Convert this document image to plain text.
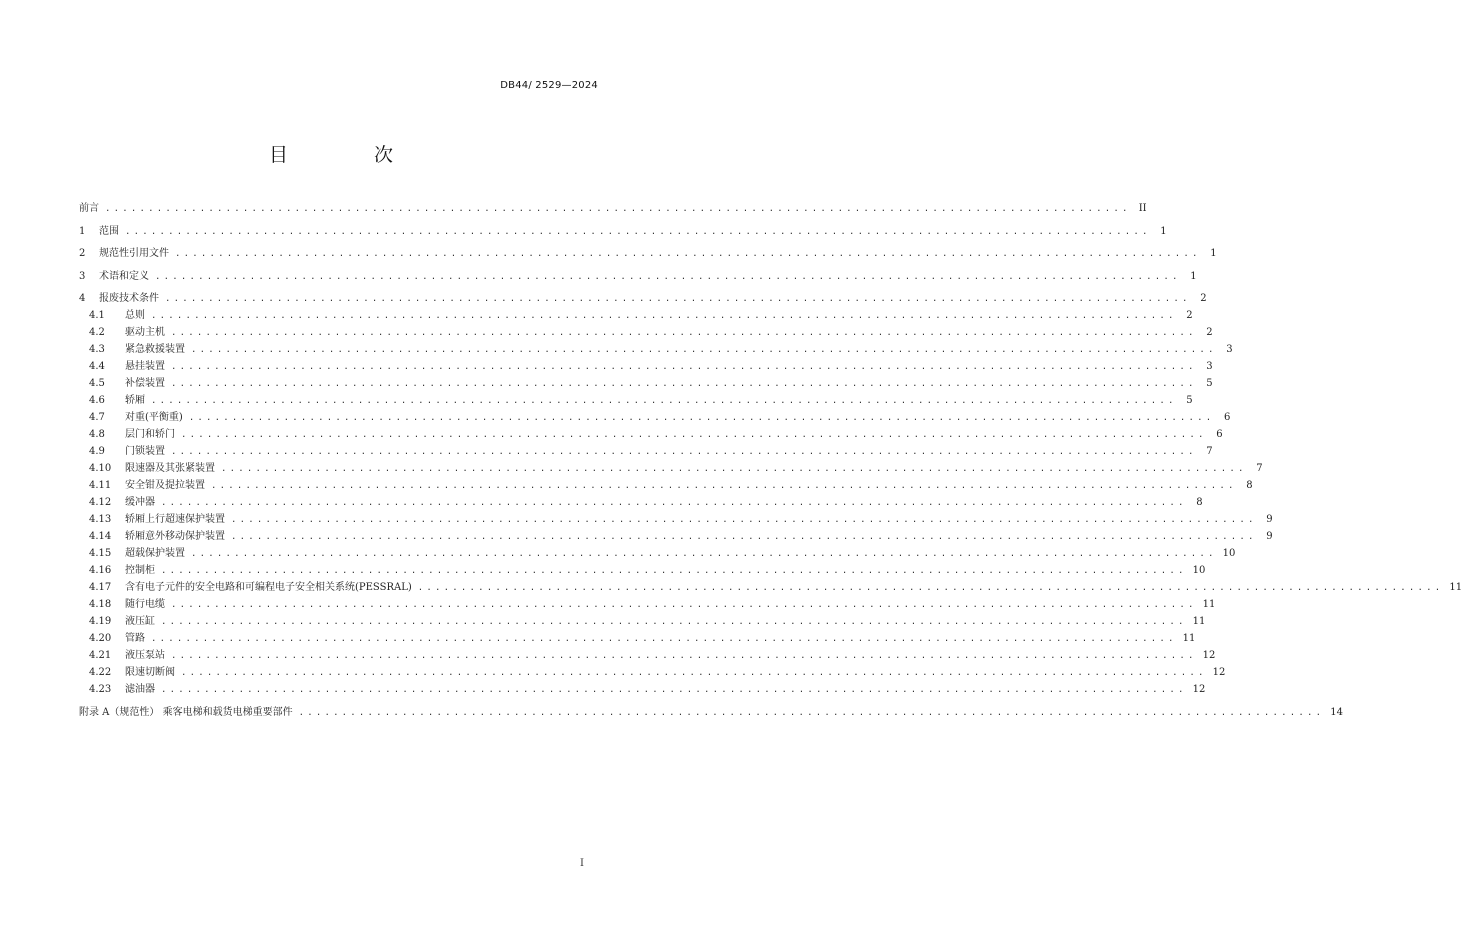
DB44/ 2529—2024
目 次
前言 ....................................................................................................................... II
1	范围 ....................................................................................................................... 1
2	规范性引用文件 ....................................................................................................................... 1
3	术语和定义 ....................................................................................................................... 1
4	报废技术条件 ....................................................................................................................... 2
4.1	总则 ....................................................................................................................... 2
4.2	驱动主机 ....................................................................................................................... 2
4.3	紧急救援装置 ....................................................................................................................... 3
4.4	悬挂装置 ....................................................................................................................... 3
4.5	补偿装置 ....................................................................................................................... 5
4.6	轿厢 ....................................................................................................................... 5
4.7	对重(平衡重) ....................................................................................................................... 6
4.8	层门和轿门 ....................................................................................................................... 6
4.9	门锁装置 ....................................................................................................................... 7
4.10	限速器及其张紧装置 ....................................................................................................................... 7
4.11	安全钳及提拉装置 ....................................................................................................................... 8
4.12	缓冲器 ....................................................................................................................... 8
4.13	轿厢上行超速保护装置 ....................................................................................................................... 9
4.14	轿厢意外移动保护装置 ....................................................................................................................... 9
4.15	超载保护装置 ....................................................................................................................... 10
4.16	控制柜 ....................................................................................................................... 10
4.17	含有电子元件的安全电路和可编程电子安全相关系统(PESSRAL) ....................................................................................................................... 11
4.18	随行电缆 ....................................................................................................................... 11
4.19	液压缸 ....................................................................................................................... 11
4.20	管路 ....................................................................................................................... 11
4.21	液压泵站 ....................................................................................................................... 12
4.22	限速切断阀 ....................................................................................................................... 12
4.23	滤油器 ....................................................................................................................... 12
附录 A（规范性） 乘客电梯和载货电梯重要部件 ....................................................................................................................... 14
I
